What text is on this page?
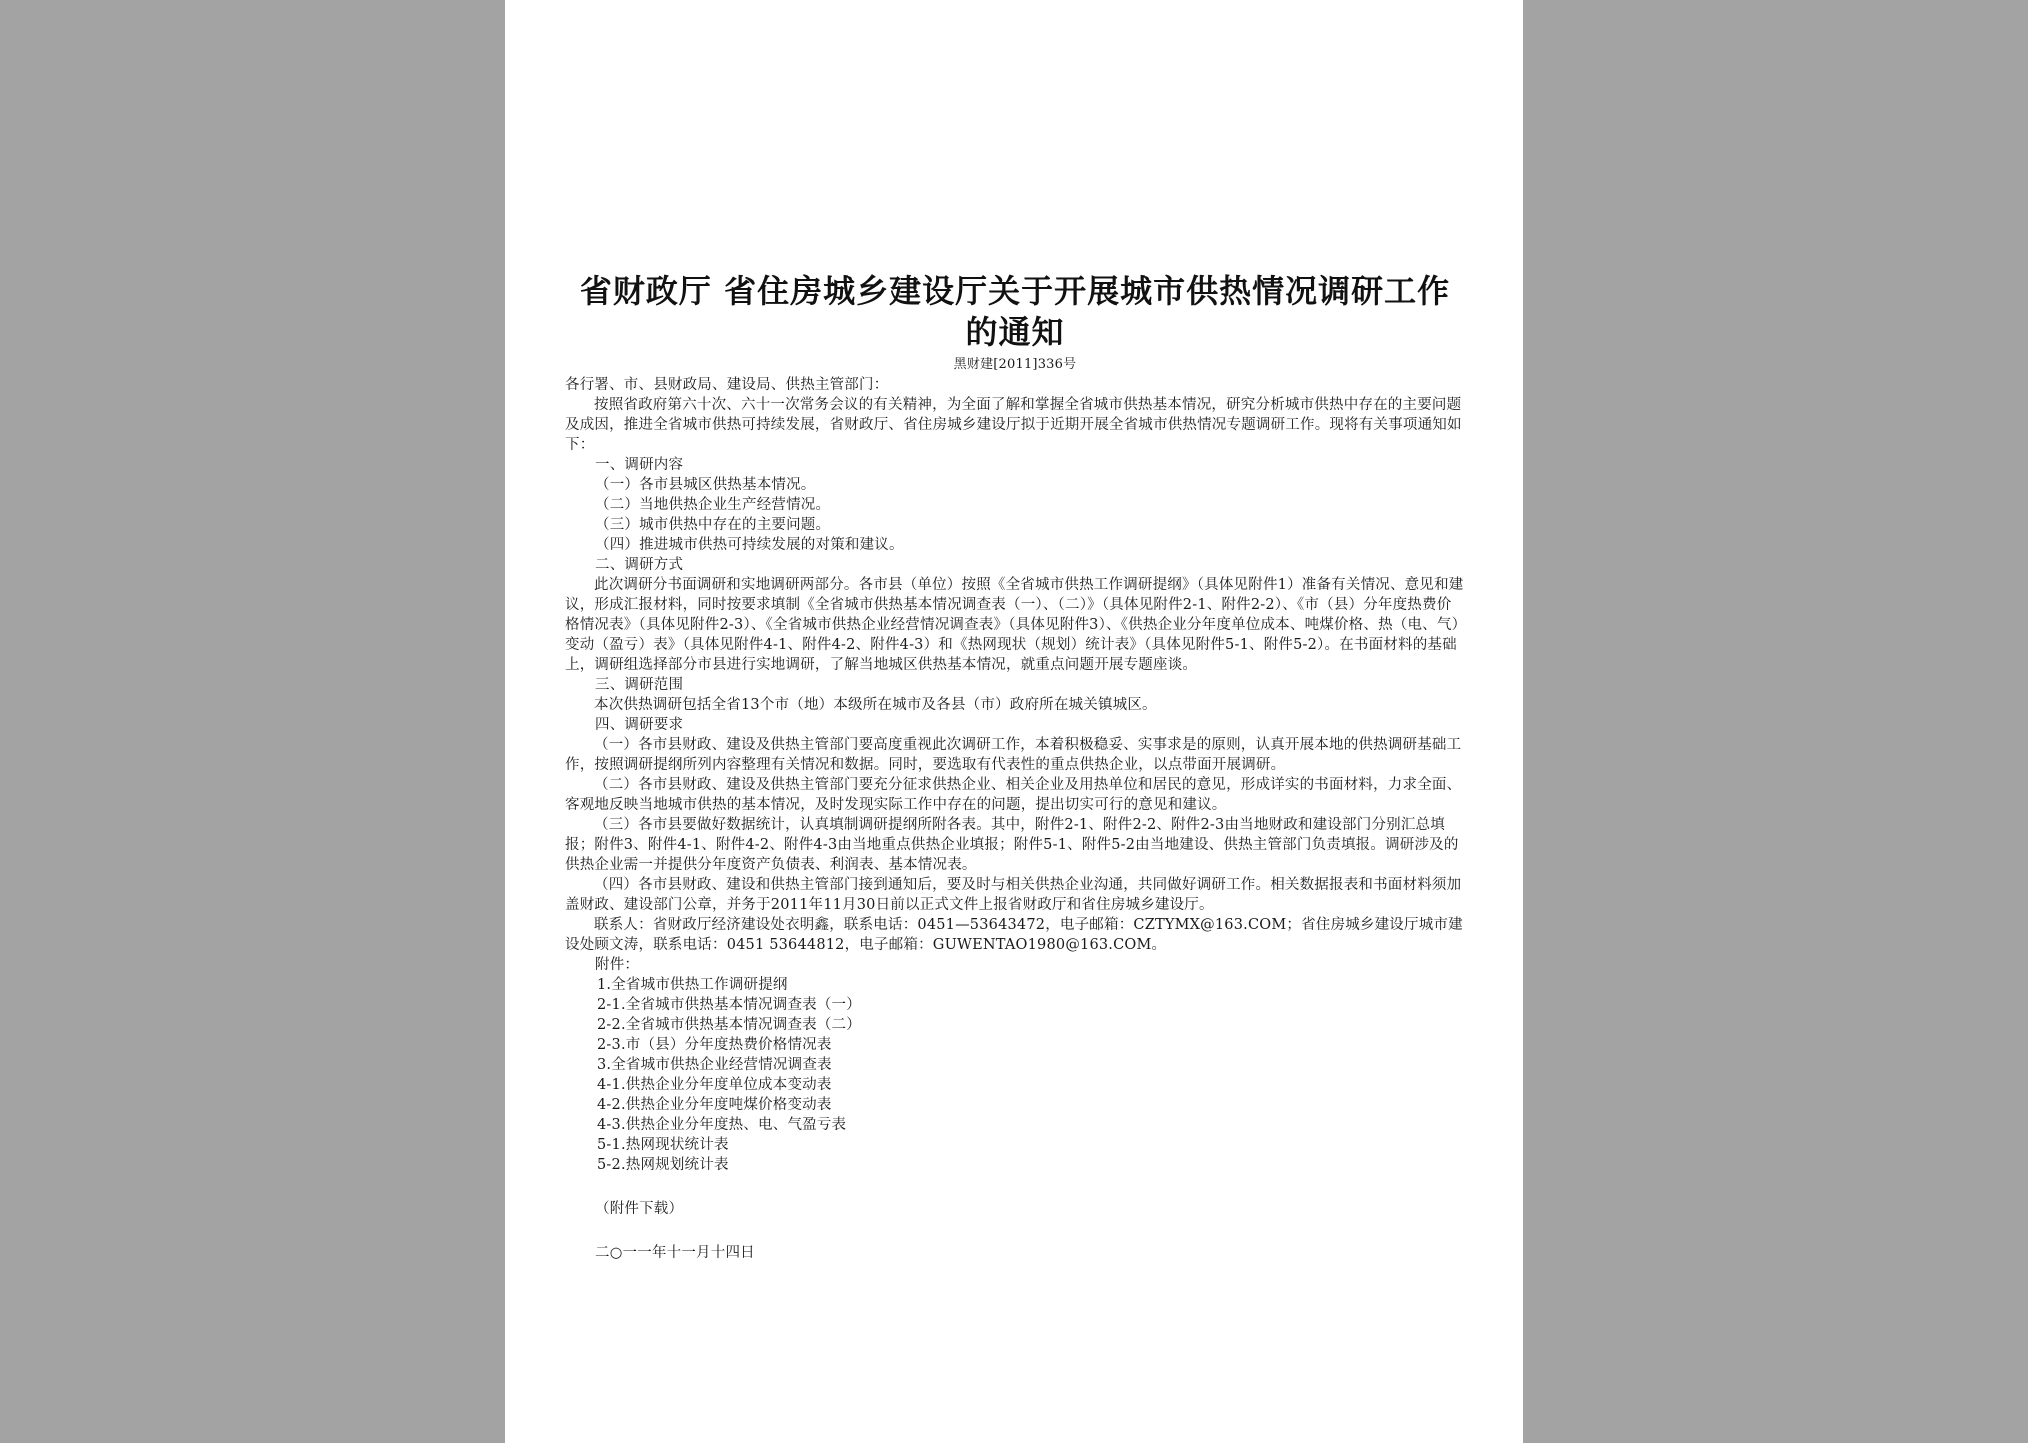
省财政厅 省住房城乡建设厅关于开展城市供热情况调研工作的通知

黑财建[2011]336号

各行署、市、县财政局、建设局、供热主管部门：

按照省政府第六十次、六十一次常务会议的有关精神，为全面了解和掌握全省城市供热基本情况，研究分析城市供热中存在的主要问题及成因，推进全省城市供热可持续发展，省财政厅、省住房城乡建设厅拟于近期开展全省城市供热情况专题调研工作。现将有关事项通知如下：

一、调研内容

（一）各市县城区供热基本情况。

（二）当地供热企业生产经营情况。

（三）城市供热中存在的主要问题。

（四）推进城市供热可持续发展的对策和建议。

二、调研方式

此次调研分书面调研和实地调研两部分。各市县（单位）按照《全省城市供热工作调研提纲》（具体见附件1）准备有关情况、意见和建议，形成汇报材料，同时按要求填制《全省城市供热基本情况调查表（一）、（二）》（具体见附件2-1、附件2-2）、《市（县）分年度热费价格情况表》（具体见附件2-3）、《全省城市供热企业经营情况调查表》（具体见附件3）、《供热企业分年度单位成本、吨煤价格、热（电、气）变动（盈亏）表》（具体见附件4-1、附件4-2、附件4-3）和《热网现状（规划）统计表》（具体见附件5-1、附件5-2）。在书面材料的基础上，调研组选择部分市县进行实地调研，了解当地城区供热基本情况，就重点问题开展专题座谈。

三、调研范围

本次供热调研包括全省13个市（地）本级所在城市及各县（市）政府所在城关镇城区。

四、调研要求

（一）各市县财政、建设及供热主管部门要高度重视此次调研工作，本着积极稳妥、实事求是的原则，认真开展本地的供热调研基础工作，按照调研提纲所列内容整理有关情况和数据。同时，要选取有代表性的重点供热企业，以点带面开展调研。

（二）各市县财政、建设及供热主管部门要充分征求供热企业、相关企业及用热单位和居民的意见，形成详实的书面材料，力求全面、客观地反映当地城市供热的基本情况，及时发现实际工作中存在的问题，提出切实可行的意见和建议。

（三）各市县要做好数据统计，认真填制调研提纲所附各表。其中，附件2-1、附件2-2、附件2-3由当地财政和建设部门分别汇总填报；附件3、附件4-1、附件4-2、附件4-3由当地重点供热企业填报；附件5-1、附件5-2由当地建设、供热主管部门负责填报。调研涉及的供热企业需一并提供分年度资产负债表、利润表、基本情况表。

（四）各市县财政、建设和供热主管部门接到通知后，要及时与相关供热企业沟通，共同做好调研工作。相关数据报表和书面材料须加盖财政、建设部门公章，并务于2011年11月30日前以正式文件上报省财政厅和省住房城乡建设厅。

联系人：省财政厅经济建设处衣明鑫，联系电话：0451—53643472，电子邮箱：CZTYMX@163.COM；省住房城乡建设厅城市建设处顾文涛，联系电话：0451 53644812，电子邮箱：GUWENTAO1980@163.COM。

附件：

1.全省城市供热工作调研提纲

2-1.全省城市供热基本情况调查表（一）

2-2.全省城市供热基本情况调查表（二）

2-3.市（县）分年度热费价格情况表

3.全省城市供热企业经营情况调查表

4-1.供热企业分年度单位成本变动表

4-2.供热企业分年度吨煤价格变动表

4-3.供热企业分年度热、电、气盈亏表

5-1.热网现状统计表

5-2.热网规划统计表

（附件下载）

二○一一年十一月十四日
